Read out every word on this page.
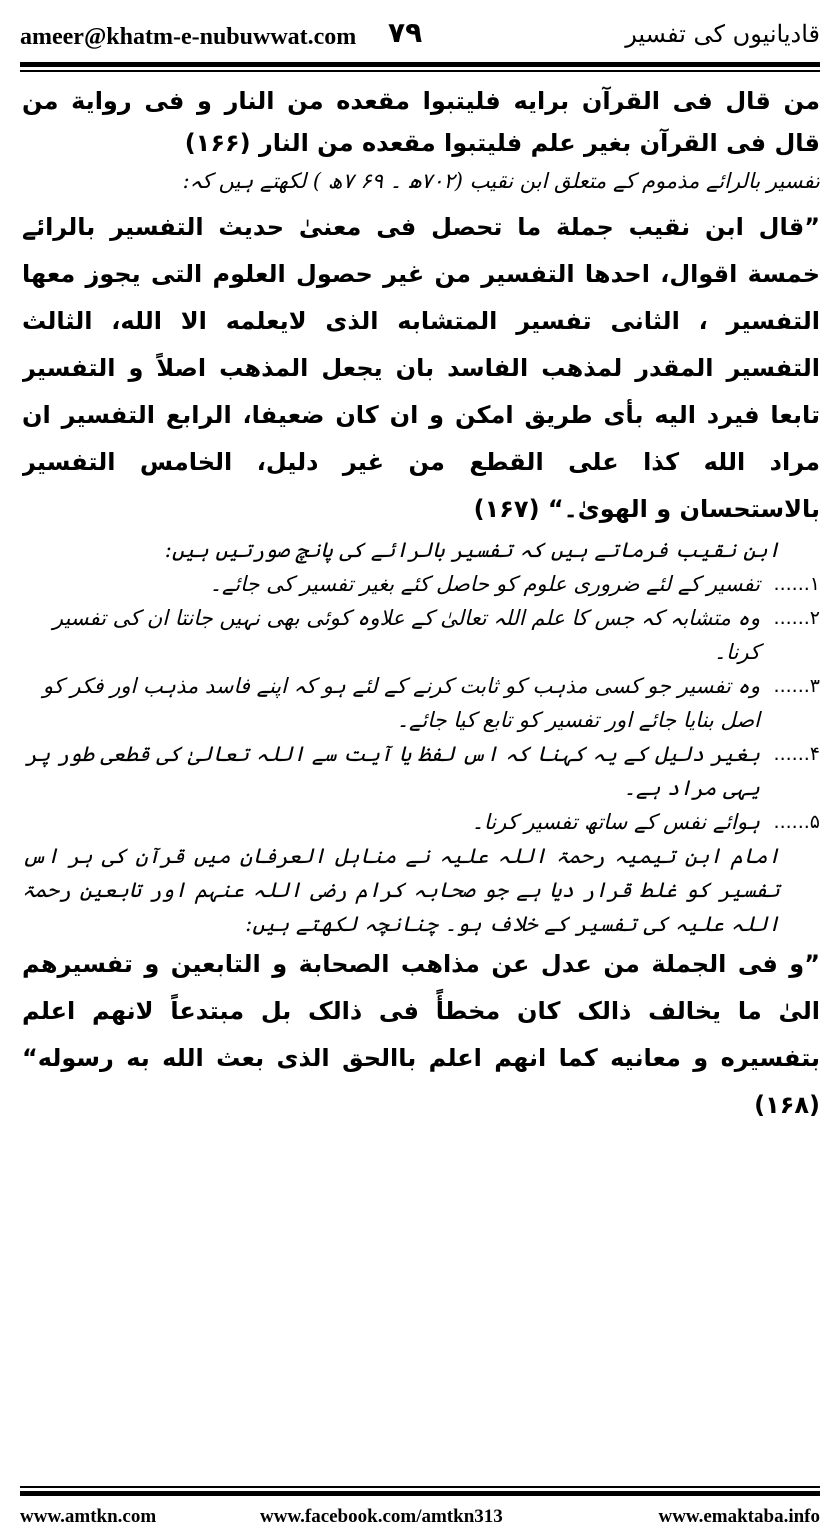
ameer@khatm-e-nubuwwat.com ۷۹	قادیانیوں کی تفسیر

من قال فی القرآن برایه فلیتبوا مقعده من النار و فی روایة من قال فی القرآن بغیر علم فلیتبوا مقعده من النار (۱۶۶)

تفسیر بالرائے مذموم کے متعلق ابن نقیب (۷۰۲ھ ۔ ۶۹ ۷ھ ) لکھتے ہیں کہ:

”قال ابن نقیب جملة ما تحصل فی معنیٰ حدیث التفسیر بالرائے خمسة اقوال، احدها التفسیر من غیر حصول العلوم التی یجوز معها التفسیر ، الثانی تفسیر المتشابه الذی لایعلمه الا الله، الثالث التفسیر المقدر لمذهب الفاسد بان یجعل المذهب اصلاً و التفسیر تابعا فیرد الیه بأی طریق امکن و ان کان ضعیفا، الرابع التفسیر ان مراد الله کذا علی القطع من غیر دلیل، الخامس التفسیر بالاستحسان و الهویٰ۔“ (۱۶۷)

ابن نقیب فرماتے ہیں کہ تفسیر بالرائے کی پانچ صورتیں ہیں:

۱......
تفسیر کے لئے ضروری علوم کو حاصل کئے بغیر تفسیر کی جائے۔
۲......
وہ متشابہ کہ جس کا علم اللہ تعالیٰ کے علاوہ کوئی بھی نہیں جانتا ان کی تفسیر کرنا۔
۳......
وہ تفسیر جو کسی مذہب کو ثابت کرنے کے لئے ہو کہ اپنے فاسد مذہب اور فکر کو اصل بنایا جائے اور تفسیر کو تابع کیا جائے۔
۴......
بغیر دلیل کے یہ کہنا کہ اس لفظ یا آیت سے اللہ تعالیٰ کی قطعی طور پر یہی مراد ہے۔
۵......
ہوائے نفس کے ساتھ تفسیر کرنا۔

امام ابن تیمیہ رحمۃ اللہ علیہ نے مناہل العرفان میں قرآن کی ہر اس تفسیر کو غلط قرار دیا ہے جو صحابہ کرام رضی اللہ عنہم اور تابعین رحمۃ اللہ علیہ کی تفسیر کے خلاف ہو۔ چنانچہ لکھتے ہیں:

”و فی الجملة من عدل عن مذاهب الصحابة و التابعین و تفسیرهم الیٰ ما یخالف ذالک کان مخطأً فی ذالک بل مبتدعاً لانهم اعلم بتفسیره و معانیه کما انهم اعلم باالحق الذی بعث الله به رسوله“ (۱۶۸)

www.amtkn.com	www.facebook.com/amtkn313	www.emaktaba.info
